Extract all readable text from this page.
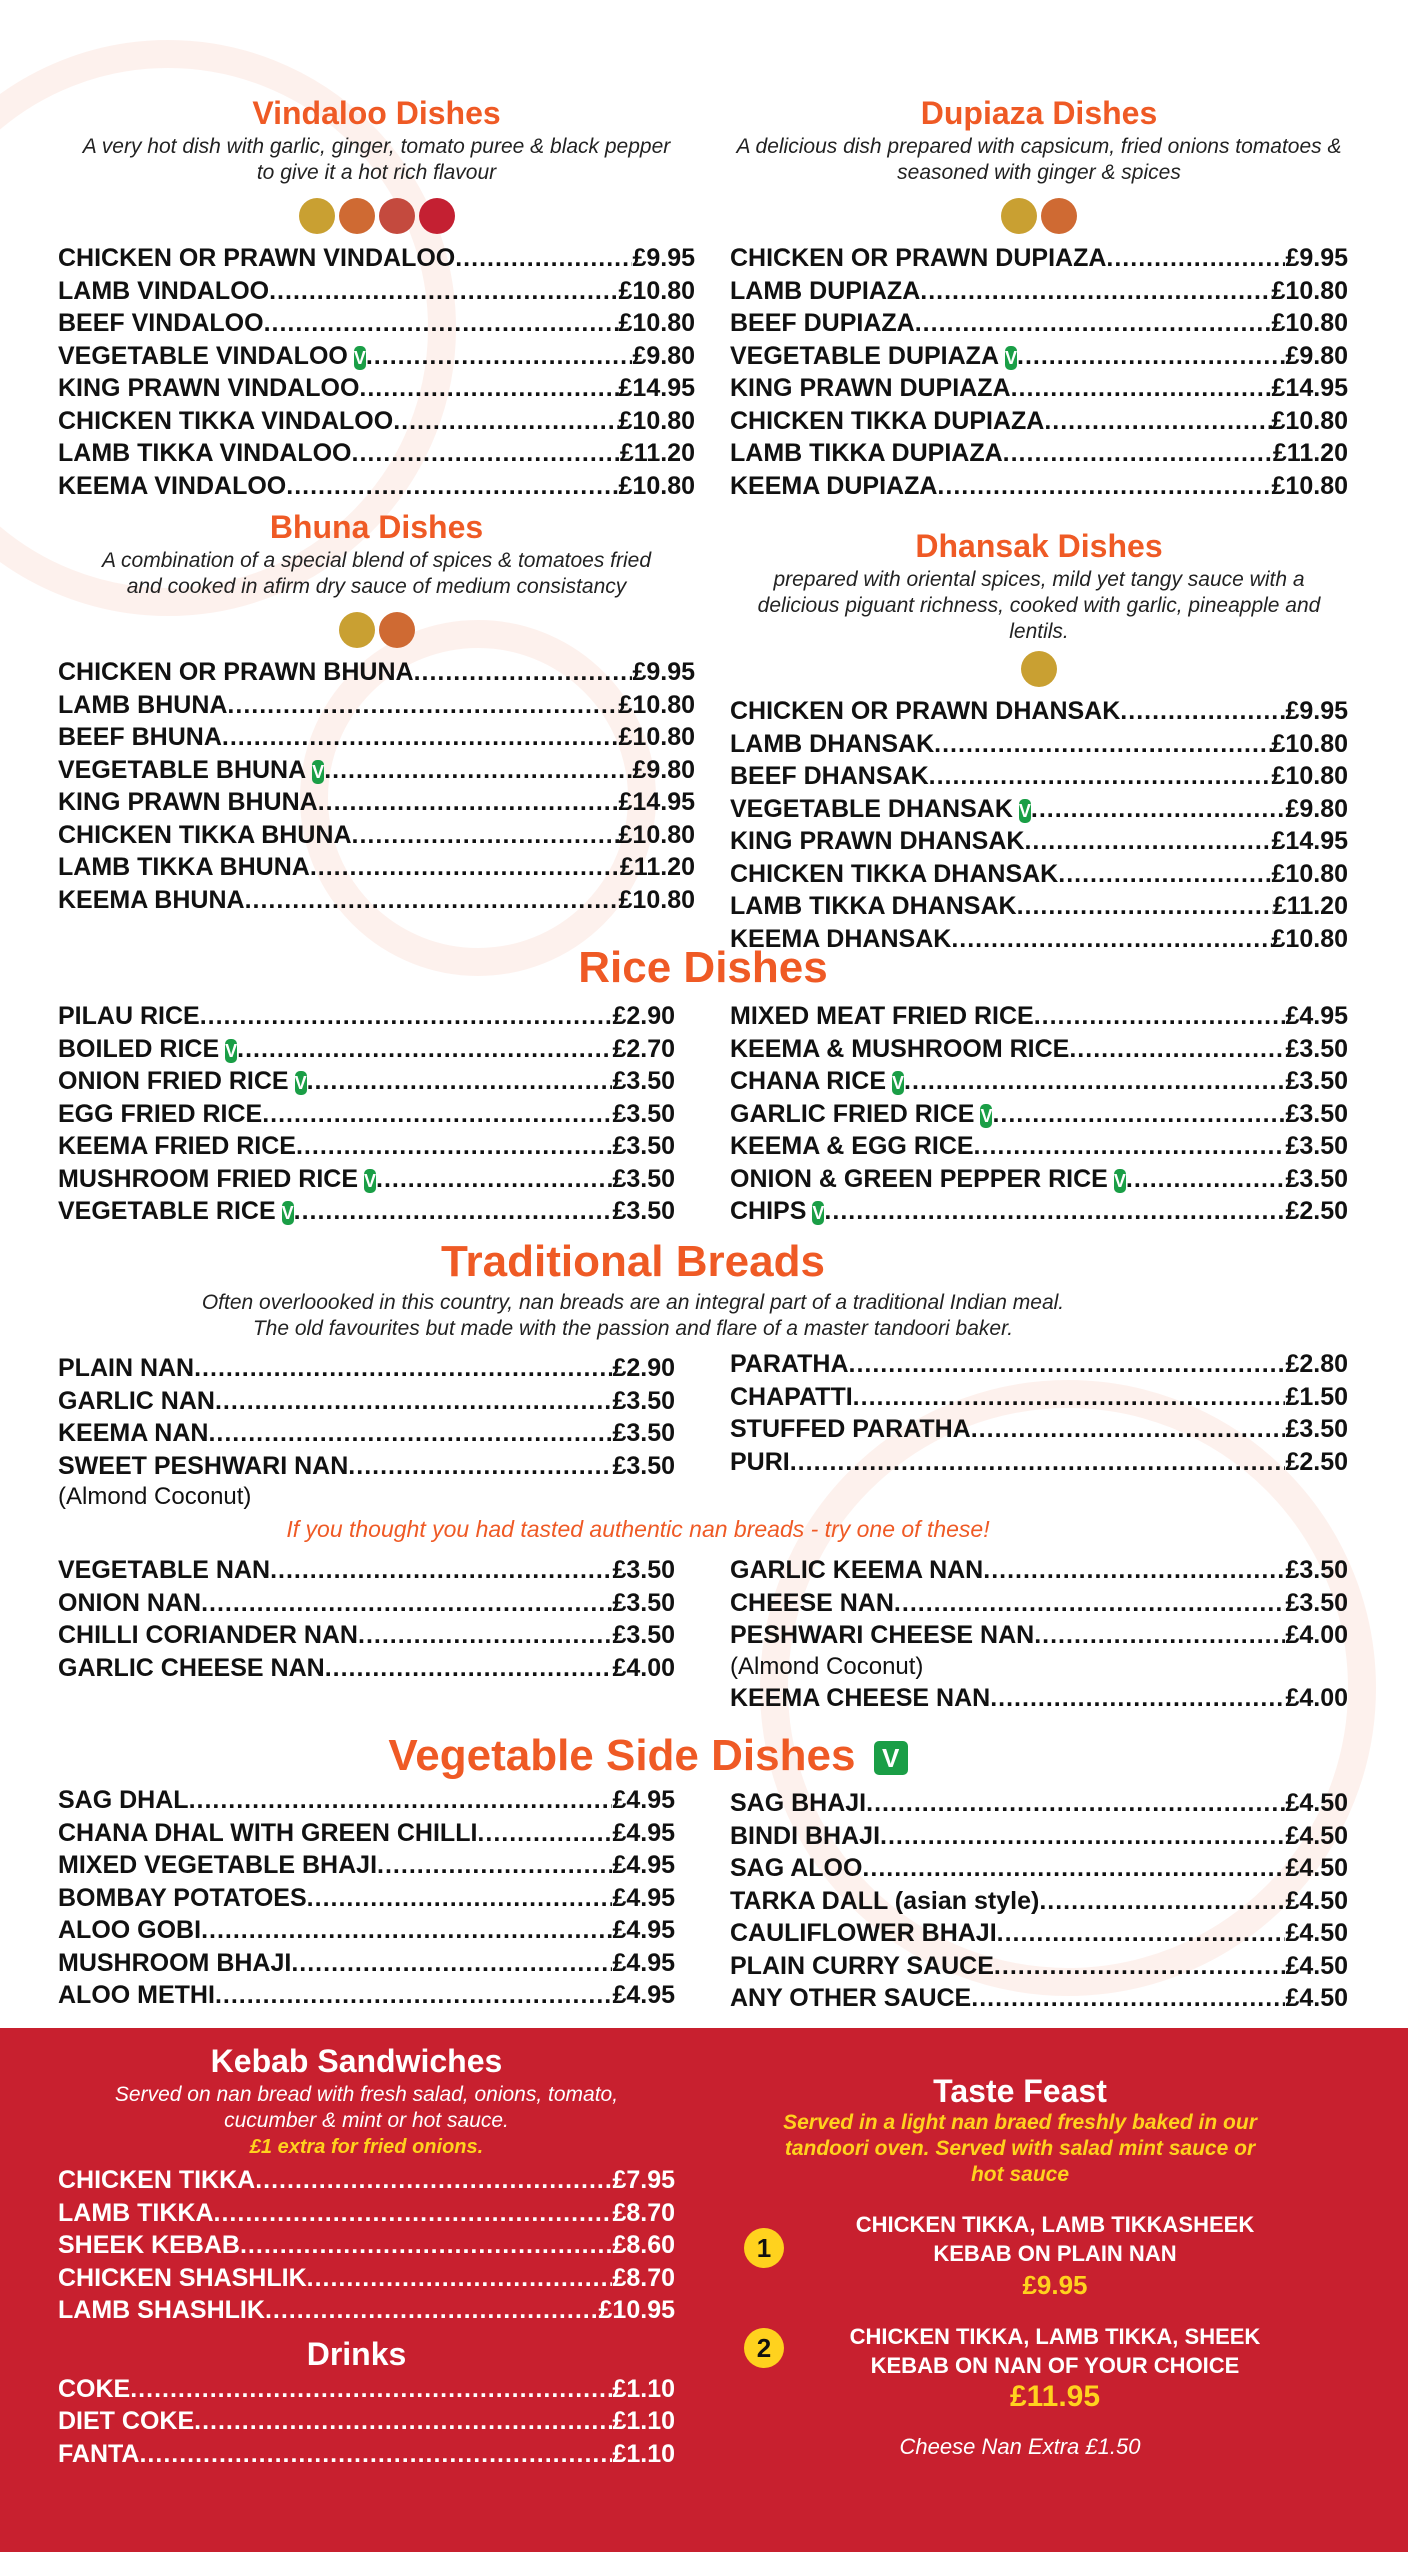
Vindaloo Dishes

A very hot dish with garlic, ginger, tomato puree & black pepper to give it a hot rich flavour

CHICKEN OR PRAWN VINDALOO .....	£9.95
LAMB VINDALOO .....	£10.80
BEEF VINDALOO .....	£10.80
VEGETABLE VINDALOO V .....	£9.80
KING PRAWN VINDALOO .....	£14.95
CHICKEN TIKKA VINDALOO .....	£10.80
LAMB TIKKA VINDALOO .....	£11.20
KEEMA VINDALOO .....	£10.80
Dupiaza Dishes

A delicious dish prepared with capsicum, fried onions tomatoes & seasoned with ginger & spices

CHICKEN OR PRAWN DUPIAZA .....	£9.95
LAMB DUPIAZA .....	£10.80
BEEF DUPIAZA .....	£10.80
VEGETABLE DUPIAZA V .....	£9.80
KING PRAWN DUPIAZA .....	£14.95
CHICKEN TIKKA DUPIAZA .....	£10.80
LAMB TIKKA DUPIAZA .....	£11.20
KEEMA DUPIAZA .....	£10.80
Bhuna Dishes

A combination of a special blend of spices & tomatoes fried and cooked in afirm dry sauce of medium consistancy

CHICKEN OR PRAWN BHUNA .....	£9.95
LAMB BHUNA .....	£10.80
BEEF BHUNA .....	£10.80
VEGETABLE BHUNA V .....	£9.80
KING PRAWN BHUNA .....	£14.95
CHICKEN TIKKA BHUNA .....	£10.80
LAMB TIKKA BHUNA .....	£11.20
KEEMA BHUNA .....	£10.80
Dhansak Dishes

prepared with oriental spices, mild yet tangy sauce with a delicious piguant richness, cooked with garlic, pineapple and lentils.

CHICKEN OR PRAWN DHANSAK .....	£9.95
LAMB DHANSAK .....	£10.80
BEEF DHANSAK .....	£10.80
VEGETABLE DHANSAK V .....	£9.80
KING PRAWN DHANSAK .....	£14.95
CHICKEN TIKKA DHANSAK .....	£10.80
LAMB TIKKA DHANSAK .....	£11.20
KEEMA DHANSAK .....	£10.80
Rice Dishes
PILAU RICE .....	£2.90
BOILED RICE V .....	£2.70
ONION FRIED RICE V .....	£3.50
EGG FRIED RICE .....	£3.50
KEEMA FRIED RICE .....	£3.50
MUSHROOM FRIED RICE V .....	£3.50
VEGETABLE RICE V .....	£3.50
MIXED MEAT FRIED RICE .....	£4.95
KEEMA & MUSHROOM RICE .....	£3.50
CHANA RICE V .....	£3.50
GARLIC FRIED RICE V .....	£3.50
KEEMA & EGG RICE .....	£3.50
ONION & GREEN PEPPER RICE V .....	£3.50
CHIPS V .....	£2.50
Traditional Breads

Often overloooked in this country, nan breads are an integral part of a traditional Indian meal. The old favourites but made with the passion and flare of a master tandoori baker.

PLAIN NAN .....	£2.90
GARLIC NAN .....	£3.50
KEEMA NAN .....	£3.50
SWEET PESHWARI NAN .....	£3.50
(Almond Coconut)
PARATHA .....	£2.80
CHAPATTI .....	£1.50
STUFFED PARATHA .....	£3.50
PURI .....	£2.50
If you thought you had tasted authentic nan breads - try one of these!
VEGETABLE NAN .....	£3.50
ONION NAN .....	£3.50
CHILLI CORIANDER NAN .....	£3.50
GARLIC CHEESE NAN .....	£4.00
GARLIC KEEMA NAN .....	£3.50
CHEESE NAN .....	£3.50
PESHWARI CHEESE NAN .....	£4.00
(Almond Coconut)
KEEMA CHEESE NAN .....	£4.00
Vegetable Side Dishes V
SAG DHAL .....	£4.95
CHANA DHAL WITH GREEN CHILLI .....	£4.95
MIXED VEGETABLE BHAJI .....	£4.95
BOMBAY POTATOES .....	£4.95
ALOO GOBI .....	£4.95
MUSHROOM BHAJI .....	£4.95
ALOO METHI .....	£4.95
SAG BHAJI .....	£4.50
BINDI BHAJI .....	£4.50
SAG ALOO .....	£4.50
TARKA DALL (asian style) .....	£4.50
CAULIFLOWER BHAJI .....	£4.50
PLAIN CURRY SAUCE .....	£4.50
ANY OTHER SAUCE .....	£4.50
Kebab Sandwiches

Served on nan bread with fresh salad, onions, tomato, cucumber & mint or hot sauce.

£1 extra for fried onions.
CHICKEN TIKKA .....	£7.95
LAMB TIKKA .....	£8.70
SHEEK KEBAB .....	£8.60
CHICKEN SHASHLIK .....	£8.70
LAMB SHASHLIK .....	£10.95
Drinks
COKE .....	£1.10
DIET COKE .....	£1.10
FANTA .....	£1.10
Taste Feast

Served in a light nan braed freshly baked in our tandoori oven. Served with salad mint sauce or hot sauce

1
CHICKEN TIKKA, LAMB TIKKASHEEK KEBAB ON PLAIN NAN
£9.95
2	CHICKEN TIKKA, LAMB TIKKA, SHEEK KEBAB ON NAN OF YOUR CHOICE
£11.95
Cheese Nan Extra £1.50
